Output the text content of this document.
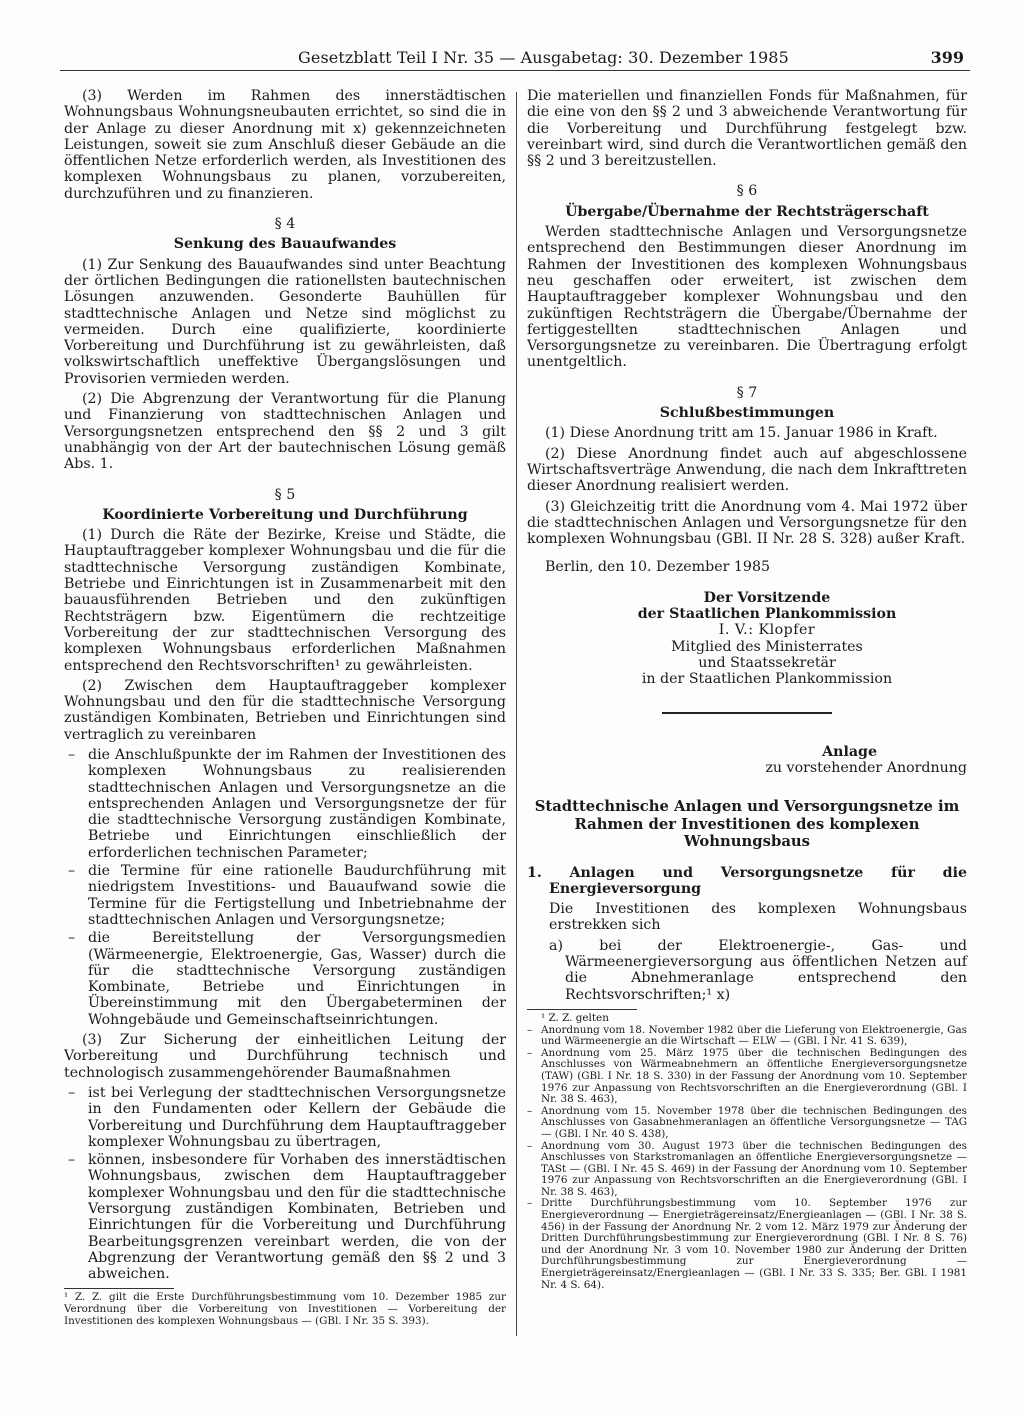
Gesetzblatt Teil I Nr. 35 — Ausgabetag: 30. Dezember 1985	399

(3) Werden im Rahmen des innerstädtischen Wohnungsbaus Wohnungsneubauten errichtet, so sind die in der Anlage zu dieser Anordnung mit x) gekennzeichneten Leistungen, soweit sie zum Anschluß dieser Gebäude an die öffentlichen Netze erforderlich werden, als Investitionen des komplexen Wohnungsbaus zu planen, vorzubereiten, durchzuführen und zu finanzieren.

§ 4
Senkung des Bauaufwandes

(1) Zur Senkung des Bauaufwandes sind unter Beachtung der örtlichen Bedingungen die rationellsten bautechnischen Lösungen anzuwenden. Gesonderte Bauhüllen für stadttechnische Anlagen und Netze sind möglichst zu vermeiden. Durch eine qualifizierte, koordinierte Vorbereitung und Durchführung ist zu gewährleisten, daß volkswirtschaftlich uneffektive Übergangslösungen und Provisorien vermieden werden.

(2) Die Abgrenzung der Verantwortung für die Planung und Finanzierung von stadttechnischen Anlagen und Versorgungsnetzen entsprechend den §§ 2 und 3 gilt unabhängig von der Art der bautechnischen Lösung gemäß Abs. 1.

§ 5
Koordinierte Vorbereitung und Durchführung

(1) Durch die Räte der Bezirke, Kreise und Städte, die Hauptauftraggeber komplexer Wohnungsbau und die für die stadttechnische Versorgung zuständigen Kombinate, Betriebe und Einrichtungen ist in Zusammenarbeit mit den bauausführenden Betrieben und den zukünftigen Rechtsträgern bzw. Eigentümern die rechtzeitige Vorbereitung der zur stadttechnischen Versorgung des komplexen Wohnungsbaus erforderlichen Maßnahmen entsprechend den Rechtsvorschriften¹ zu gewährleisten.

(2) Zwischen dem Hauptauftraggeber komplexer Wohnungsbau und den für die stadttechnische Versorgung zuständigen Kombinaten, Betrieben und Einrichtungen sind vertraglich zu vereinbaren

– die Anschlußpunkte der im Rahmen der Investitionen des komplexen Wohnungsbaus zu realisierenden stadttechnischen Anlagen und Versorgungsnetze an die entsprechenden Anlagen und Versorgungsnetze der für die stadttechnische Versorgung zuständigen Kombinate, Betriebe und Einrichtungen einschließlich der erforderlichen technischen Parameter;
– die Termine für eine rationelle Baudurchführung mit niedrigstem Investitions- und Bauaufwand sowie die Termine für die Fertigstellung und Inbetriebnahme der stadttechnischen Anlagen und Versorgungsnetze;
– die Bereitstellung der Versorgungsmedien (Wärmeenergie, Elektroenergie, Gas, Wasser) durch die für die stadttechnische Versorgung zuständigen Kombinate, Betriebe und Einrichtungen in Übereinstimmung mit den Übergabeterminen der Wohngebäude und Gemeinschaftseinrichtungen.

(3) Zur Sicherung der einheitlichen Leitung der Vorbereitung und Durchführung technisch und technologisch zusammengehörender Baumaßnahmen

– ist bei Verlegung der stadttechnischen Versorgungsnetze in den Fundamenten oder Kellern der Gebäude die Vorbereitung und Durchführung dem Hauptauftraggeber komplexer Wohnungsbau zu übertragen,
– können, insbesondere für Vorhaben des innerstädtischen Wohnungsbaus, zwischen dem Hauptauftraggeber komplexer Wohnungsbau und den für die stadttechnische Versorgung zuständigen Kombinaten, Betrieben und Einrichtungen für die Vorbereitung und Durchführung Bearbeitungsgrenzen vereinbart werden, die von der Abgrenzung der Verantwortung gemäß den §§ 2 und 3 abweichen.

¹ Z. Z. gilt die Erste Durchführungsbestimmung vom 10. Dezember 1985 zur Verordnung über die Vorbereitung von Investitionen — Vorbereitung der Investitionen des komplexen Wohnungsbaus — (GBl. I Nr. 35 S. 393).

Die materiellen und finanziellen Fonds für Maßnahmen, für die eine von den §§ 2 und 3 abweichende Verantwortung für die Vorbereitung und Durchführung festgelegt bzw. vereinbart wird, sind durch die Verantwortlichen gemäß den §§ 2 und 3 bereitzustellen.

§ 6
Übergabe/Übernahme der Rechtsträgerschaft

Werden stadttechnische Anlagen und Versorgungsnetze entsprechend den Bestimmungen dieser Anordnung im Rahmen der Investitionen des komplexen Wohnungsbaus neu geschaffen oder erweitert, ist zwischen dem Hauptauftraggeber komplexer Wohnungsbau und den zukünftigen Rechtsträgern die Übergabe/Übernahme der fertiggestellten stadttechnischen Anlagen und Versorgungsnetze zu vereinbaren. Die Übertragung erfolgt unentgeltlich.

§ 7
Schlußbestimmungen

(1) Diese Anordnung tritt am 15. Januar 1986 in Kraft.

(2) Diese Anordnung findet auch auf abgeschlossene Wirtschaftsverträge Anwendung, die nach dem Inkrafttreten dieser Anordnung realisiert werden.

(3) Gleichzeitig tritt die Anordnung vom 4. Mai 1972 über die stadttechnischen Anlagen und Versorgungsnetze für den komplexen Wohnungsbau (GBl. II Nr. 28 S. 328) außer Kraft.

Berlin, den 10. Dezember 1985

Der Vorsitzende
der Staatlichen Plankommission
I. V.: Klopfer
Mitglied des Ministerrates
und Staatssekretär
in der Staatlichen Plankommission
Anlage
zu vorstehender Anordnung
Stadttechnische Anlagen und Versorgungsnetze im Rahmen der Investitionen des komplexen Wohnungsbaus

1. Anlagen und Versorgungsnetze für die Energieversorgung

Die Investitionen des komplexen Wohnungsbaus erstrekken sich

a) bei der Elektroenergie-, Gas- und Wärmeenergieversorgung aus öffentlichen Netzen auf die Abnehmeranlage entsprechend den Rechtsvorschriften;¹ x)

¹ Z. Z. gelten

– Anordnung vom 18. November 1982 über die Lieferung von Elektroenergie, Gas und Wärmeenergie an die Wirtschaft — ELW — (GBl. I Nr. 41 S. 639),
– Anordnung vom 25. März 1975 über die technischen Bedingungen des Anschlusses von Wärmeabnehmern an öffentliche Energieversorgungsnetze (TAW) (GBl. I Nr. 18 S. 330) in der Fassung der Anordnung vom 10. September 1976 zur Anpassung von Rechtsvorschriften an die Energieverordnung (GBl. I Nr. 38 S. 463),
– Anordnung vom 15. November 1978 über die technischen Bedingungen des Anschlusses von Gasabnehmeranlagen an öffentliche Versorgungsnetze — TAG — (GBl. I Nr. 40 S. 438),
– Anordnung vom 30. August 1973 über die technischen Bedingungen des Anschlusses von Starkstromanlagen an öffentliche Energieversorgungsnetze — TASt — (GBl. I Nr. 45 S. 469) in der Fassung der Anordnung vom 10. September 1976 zur Anpassung von Rechtsvorschriften an die Energieverordnung (GBl. I Nr. 38 S. 463),
– Dritte Durchführungsbestimmung vom 10. September 1976 zur Energieverordnung — Energieträgereinsatz/Energieanlagen — (GBl. I Nr. 38 S. 456) in der Fassung der Anordnung Nr. 2 vom 12. März 1979 zur Änderung der Dritten Durchführungsbestimmung zur Energieverordnung (GBl. I Nr. 8 S. 76) und der Anordnung Nr. 3 vom 10. November 1980 zur Änderung der Dritten Durchführungsbestimmung zur Energieverordnung — Energieträgereinsatz/Energieanlagen — (GBl. I Nr. 33 S. 335; Ber. GBl. I 1981 Nr. 4 S. 64).
